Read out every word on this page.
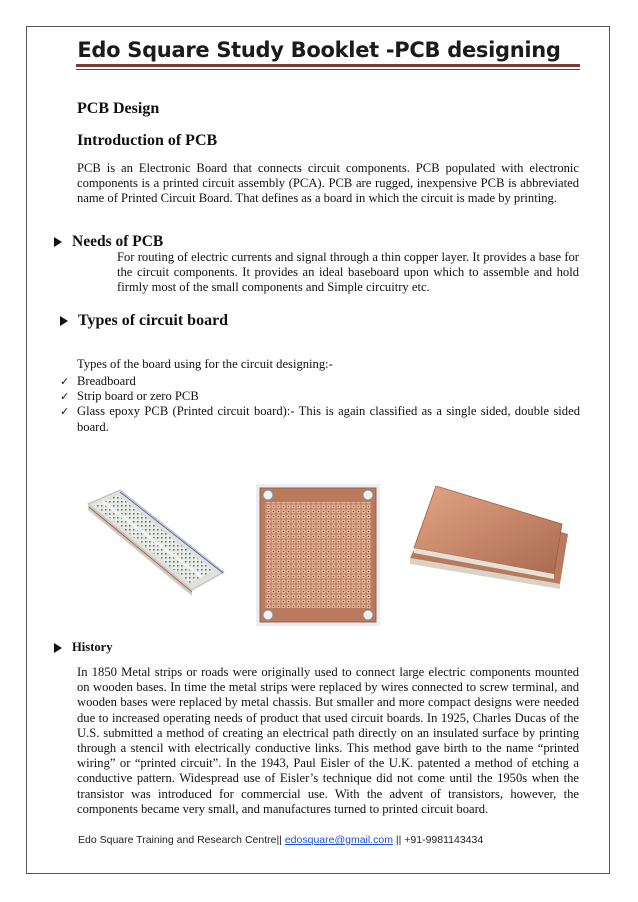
Edo Square Study Booklet -PCB designing
PCB Design
Introduction of PCB

PCB is an Electronic Board that connects circuit components. PCB populated with electronic components is a printed circuit assembly (PCA). PCB are rugged, inexpensive PCB is abbreviated name of Printed Circuit Board. That defines as a board in which the circuit is made by printing.

Needs of PCB

For routing of electric currents and signal through a thin copper layer. It provides a base for the circuit components. It provides an ideal baseboard upon which to assemble and hold firmly most of the small components and Simple circuitry etc.

Types of circuit board

Types of the board using for the circuit designing:-

✓ Breadboard
✓ Strip board or zero PCB
✓ Glass epoxy PCB (Printed circuit board):- This is again classified as a single sided, double sided board.
History

In 1850 Metal strips or roads were originally used to connect large electric components mounted on wooden bases. In time the metal strips were replaced by wires connected to screw terminal, and wooden bases were replaced by metal chassis. But smaller and more compact designs were needed due to increased operating needs of product that used circuit boards. In 1925, Charles Ducas of the U.S. submitted a method of creating an electrical path directly on an insulated surface by printing through a stencil with electrically conductive links. This method gave birth to the name “printed wiring” or “printed circuit”. In the 1943, Paul Eisler of the U.K. patented a method of etching a conductive pattern. Widespread use of Eisler’s technique did not come until the 1950s when the transistor was introduced for commercial use. With the advent of transistors, however, the components became very small, and manufactures turned to printed circuit board.

Edo Square Training and Research Centre|| edosquare@gmail.com || +91-9981143434
